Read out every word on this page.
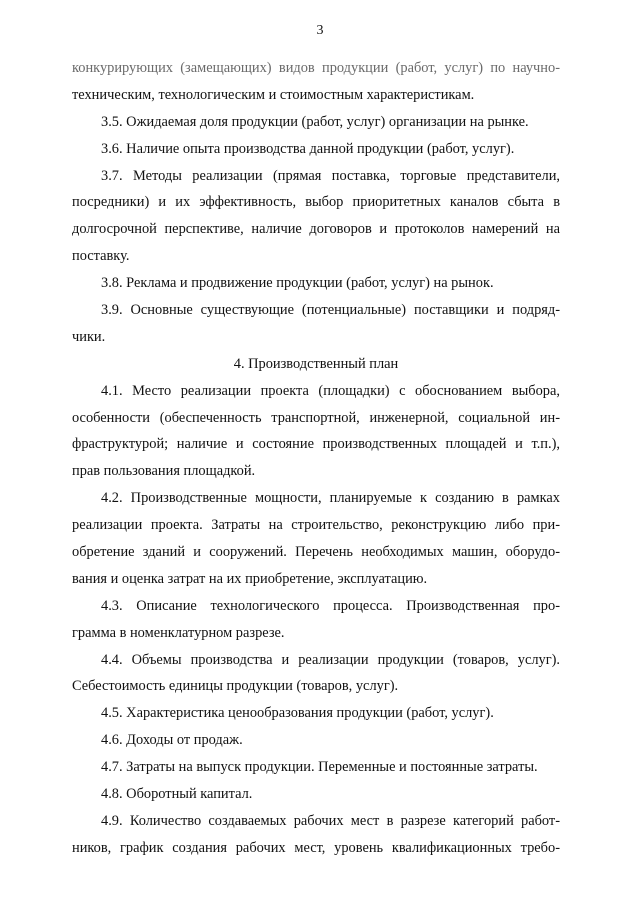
3
конкурирующих (замещающих) видов продукции (работ, услуг) по научно-
техническим, технологическим и стоимостным характеристикам.
3.5. Ожидаемая доля продукции (работ, услуг) организации на рынке.
3.6. Наличие опыта производства данной продукции (работ, услуг).
3.7. Методы реализации (прямая поставка, торговые представители,
посредники) и их эффективность, выбор приоритетных каналов сбыта в
долгосрочной перспективе, наличие договоров и протоколов намерений на
поставку.
3.8. Реклама и продвижение продукции (работ, услуг) на рынок.
3.9. Основные существующие (потенциальные) поставщики и подряд-
чики.
4. Производственный план
4.1. Место реализации проекта (площадки) с обоснованием выбора,
особенности (обеспеченность транспортной, инженерной, социальной ин-
фраструктурой; наличие и состояние производственных площадей и т.п.),
прав пользования площадкой.
4.2. Производственные мощности, планируемые к созданию в рамках
реализации проекта. Затраты на строительство, реконструкцию либо при-
обретение зданий и сооружений. Перечень необходимых машин, оборудо-
вания и оценка затрат на их приобретение, эксплуатацию.
4.3. Описание технологического процесса. Производственная про-
грамма в номенклатурном разрезе.
4.4. Объемы производства и реализации продукции (товаров, услуг).
Себестоимость единицы продукции (товаров, услуг).
4.5. Характеристика ценообразования продукции (работ, услуг).
4.6. Доходы от продаж.
4.7. Затраты на выпуск продукции. Переменные и постоянные затраты.
4.8. Оборотный капитал.
4.9. Количество создаваемых рабочих мест в разрезе категорий работ-
ников, график создания рабочих мест, уровень квалификационных требо-
